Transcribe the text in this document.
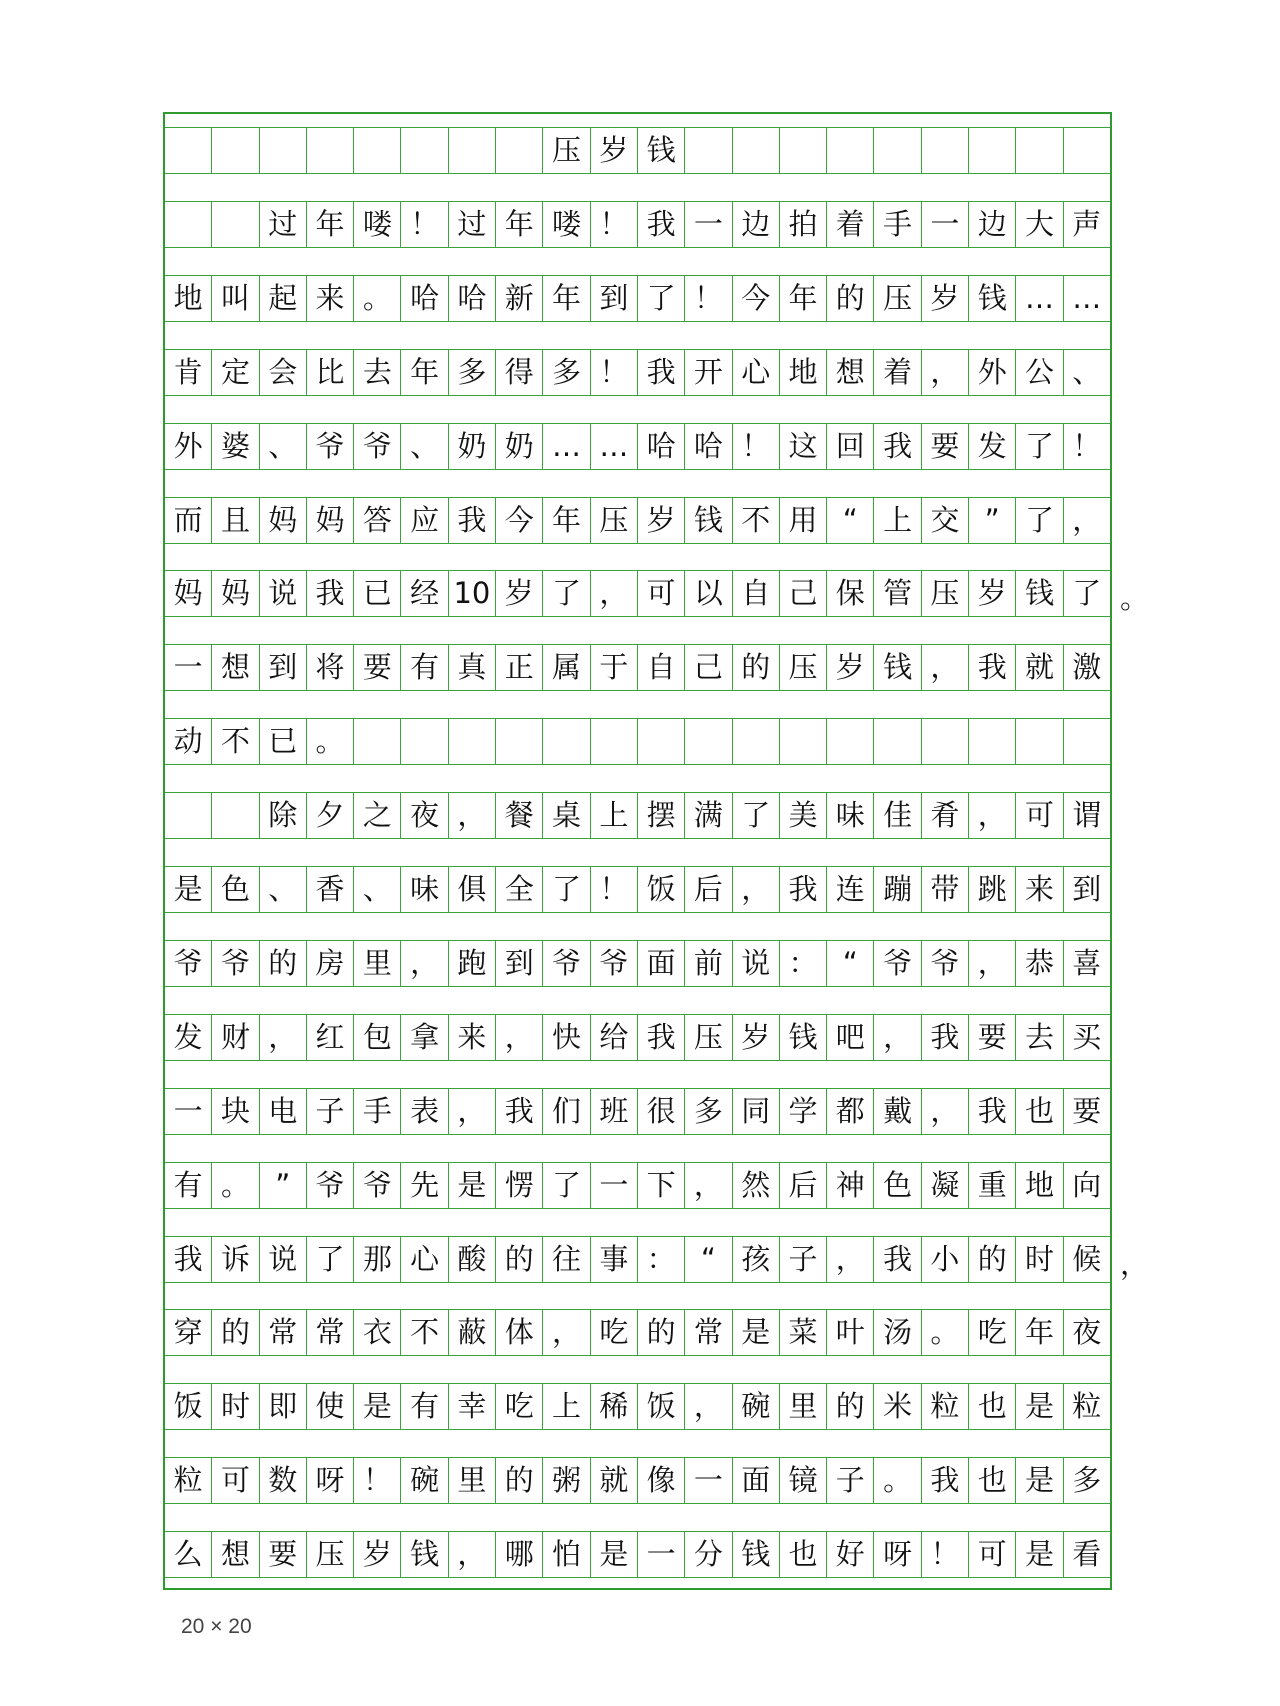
压 岁 钱
过 年 喽 ！ 过 年 喽 ！ 我 一 边 拍 着 手 一 边 大 声
地 叫 起 来 。 哈 哈 新 年 到 了 ！ 今 年 的 压 岁 钱 … …
肯 定 会 比 去 年 多 得 多 ！ 我 开 心 地 想 着 ， 外 公 、
外 婆 、 爷 爷 、 奶 奶 … … 哈 哈 ！ 这 回 我 要 发 了 ！
而 且 妈 妈 答 应 我 今 年 压 岁 钱 不 用 “ 上 交 ” 了 ，
妈 妈 说 我 已 经 10 岁 了 ， 可 以 自 己 保 管 压 岁 钱 了
一 想 到 将 要 有 真 正 属 于 自 己 的 压 岁 钱 ， 我 就 激
动 不 已 。
除 夕 之 夜 ， 餐 桌 上 摆 满 了 美 味 佳 肴 ， 可 谓
是 色 、 香 、 味 俱 全 了 ！ 饭 后 ， 我 连 蹦 带 跳 来 到
爷 爷 的 房 里 ， 跑 到 爷 爷 面 前 说 ： “ 爷 爷 ， 恭 喜
发 财 ， 红 包 拿 来 ， 快 给 我 压 岁 钱 吧 ， 我 要 去 买
一 块 电 子 手 表 ， 我 们 班 很 多 同 学 都 戴 ， 我 也 要
有 。 ” 爷 爷 先 是 愣 了 一 下 ， 然 后 神 色 凝 重 地 向
我 诉 说 了 那 心 酸 的 往 事 ： “ 孩 子 ， 我 小 的 时 候
穿 的 常 常 衣 不 蔽 体 ， 吃 的 常 是 菜 叶 汤 。 吃 年 夜
饭 时 即 使 是 有 幸 吃 上 稀 饭 ， 碗 里 的 米 粒 也 是 粒
粒 可 数 呀 ！ 碗 里 的 粥 就 像 一 面 镜 子 。 我 也 是 多
么 想 要 压 岁 钱 ， 哪 怕 是 一 分 钱 也 好 呀 ！ 可 是 看
20 × 20
。
，
